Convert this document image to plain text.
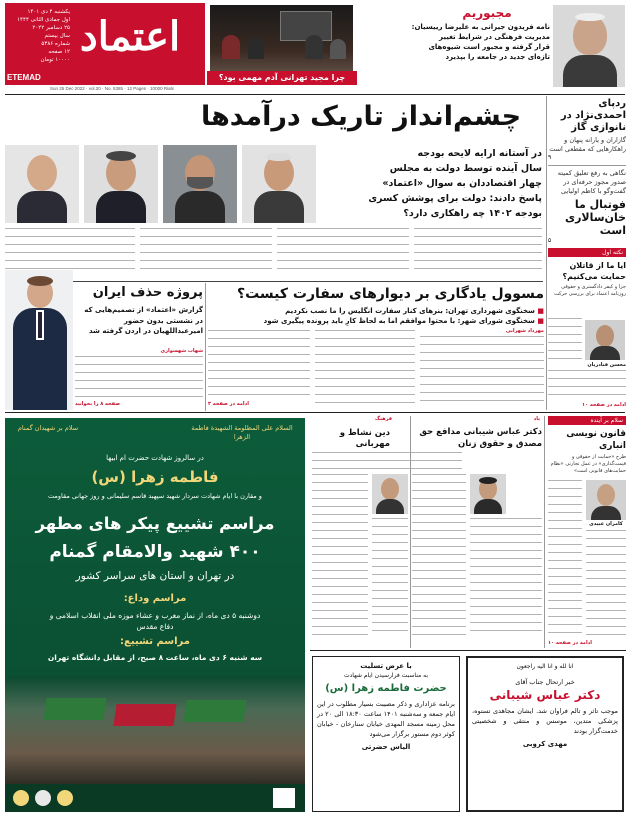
اعتماد
یکشنبه ۴ دی ۱۴۰۱
اول جمادی الثانی ۱۴۴۴
۲۵ دسامبر ۲۰۲۲
سال بیستم
شماره ۵۳۸۶
۱۲ صفحه
۱۰۰۰۰ تومان
ETEMAD
Sun 25 Dec 2022 · vol.20 · No. 5385 · 12 Pages · 10000 Rials
چرا مجید تهرانی آدم مهمی بود؟
مجبوریم
نامه فریدون جیرانی به علیرضا رییسیان:
مدیریت فرهنگی در شرایط تغییر
قرار گرفته و مجبور است شیوه‌های
تازه‌ای جدید در جامعه را بپذیرد
ردپای احمدی‌نژاد در نانوازی گاز
گازاران و یارانه پنهان و راهکارهایی که مقطعی است
۹
نگاهی به رفع تعلیق کمیته صدور مجوز حرفه‌ای در گفت‌وگو با کاظم اولیایی
فوتبال ما خان‌سالاری است
۵
نکته اول
ایا ما از قاتلان حمایت می‌کنیم؟
جزا و کیفر دادگستری و حقوقی روزنامه اعتماد برای بررسی حرکت
محسن فنادریان
ادامه در صفحه ۱۰
چشم‌انداز تاریک درآمدها
در آستانه ارایه لایحه بودجه
سال آینده توسط دولت به مجلس
چهار اقتصاددان به سوال «اعتماد»
پاسخ دادند: دولت برای پوشش کسری
بودجه ۱۴۰۲ چه راهکاری دارد؟
مسوول یادگاری بر دیوارهای سفارت کیست؟
■ سخنگوی شهرداری تهران: بنرهای کنار سفارت انگلیس را ما نصب نکردیم
■ سخنگوی شورای شهر: با محتوا موافقم اما به لحاظ کارِ باید پرونده پیگیری شود
مهرداد شهرابی
ادامه در صفحه ۳
پروژه حذف ایران
گزارش «اعتماد» از تصمیم‌هایی که در نشستی بدون حضور امیرعبداللهیان در اردن گرفته شد
شهاب شهسواری
صفحه ۸ را بخوانید
السلام علی المظلومة الشهیدة فاطمة الزهرا
سلام بر شهیدان گمنام
در سالروز شهادت حضرت ام ابیها
فاطمه زهرا (س)
و مقارن با ایام شهادت سردار شهید سپهبد قاسم سلیمانی و روز جهانی مقاومت
مراسم تشییع پیکر های مطهر
۴۰۰ شهید والامقام گمنام
در تهران و استان های سراسر کشور
مراسم وداع:
دوشنبه ۵ دی ماه، از نماز مغرب و عشاء موزه ملی انقلاب اسلامی و دفاع مقدس
مراسم تشییع:
سه شنبه ۶ دی ماه، ساعت ۸ صبح، از مقابل دانشگاه تهران
فرهنگ
دین نشاط و مهربانی
یاد
دکتر عباس شیبانی مدافع حق مصدق و حقوق زنان
سلام بر آینده
قانون نویسی انباری
طرح «حمایت از حقوقی و قیمت‌گذاری» در عمل تجارتی «نظام حمایت‌های قانونی است»
کامران عبیدی
ادامه در صفحه ۱۰
با عرض تسلیت
به مناسبت فرارسیدن ایام شهادت
حضرت فاطمه زهرا (س)
برنامه عزاداری و ذکر مصیبت بسیار مطلوب در این ایام جمعه و سه‌شنبه ۱۴۰۱ ساعت ۱۸:۳۰ الی ۲۰ در محل زمینه مسجد المهدی خیابان سنارخان - خیابان کوثر دوم مستور برگزار می‌شود
الیاس حضرتی
انا لله و انا الیه راجعون
خبر ارتحال جناب آقای
دکتر عباس شیبانی
موجب تاثر و تالم فراوان شد. ایشان مجاهدی تستوه، پزشکی متدین، موسس و منتقی و شخصیتی خدمت‌گزار بودند
مهدی کروبی
